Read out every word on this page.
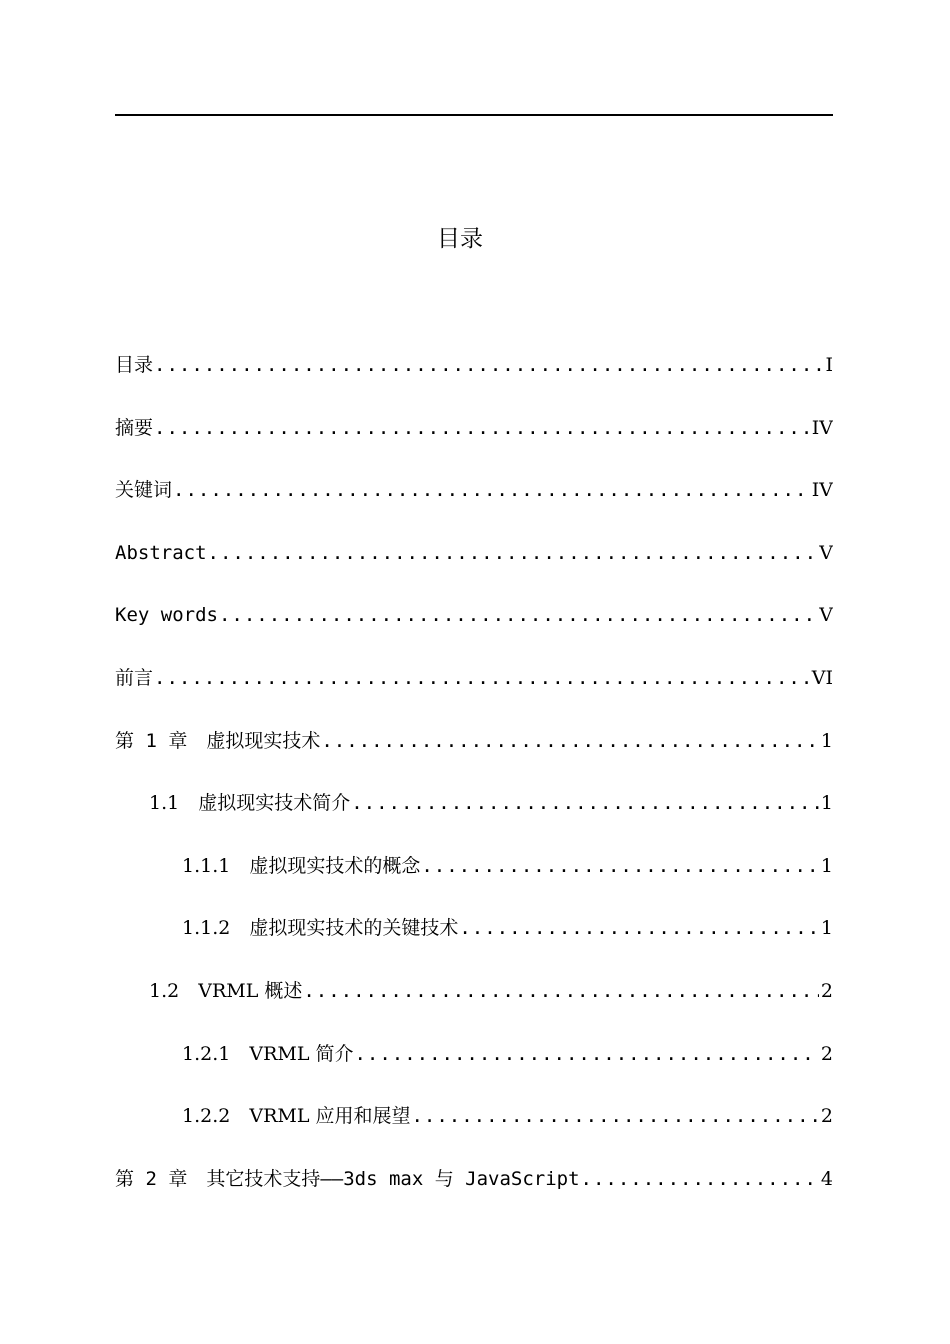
目录
目录 .....	I
摘要 .....	IV
关键词 .....	IV
Abstract .....	V
Key words .....	V
前言 .....	VI
第 1 章　虚拟现实技术 .....	1
1.1　虚拟现实技术简介 .....	1
1.1.1　虚拟现实技术的概念 .....	1
1.1.2　虚拟现实技术的关键技术 .....	1
1.2　VRML 概述 .....	2
1.2.1　VRML 简介 .....	2
1.2.2　VRML 应用和展望 .....	2
第 2 章　其它技术支持——3ds max 与 JavaScript .....	4
